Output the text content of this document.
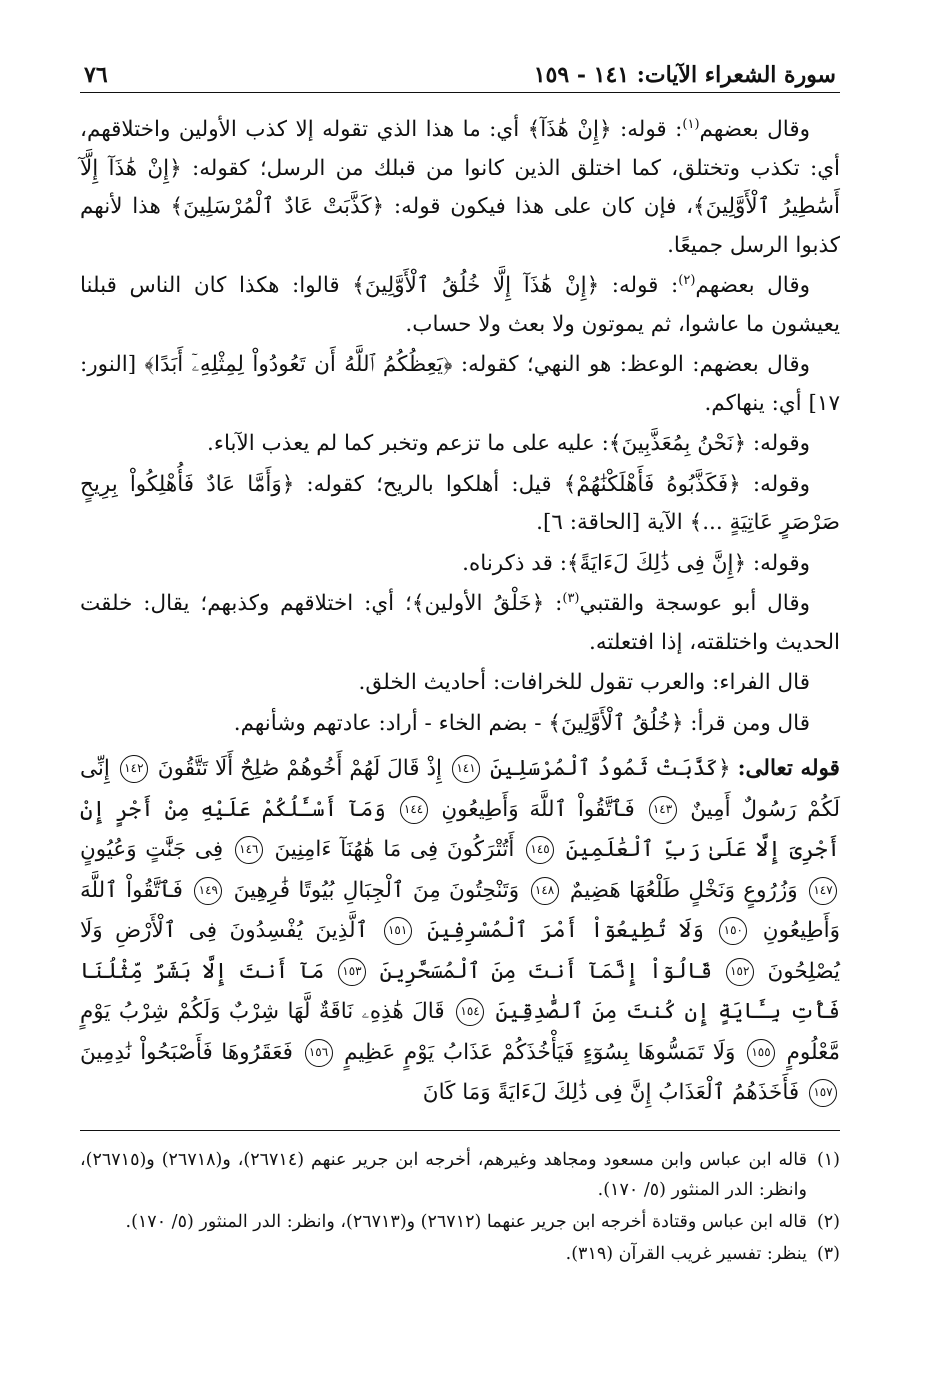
سورة الشعراء الآيات: ١٤١ - ١٥٩
٧٦

وقال بعضهم$^{(١)}$: قوله: ﴿إِنْ هَٰذَآ﴾ أي: ما هذا الذي تقوله إلا كذب الأولين واختلاقهم، أي: تكذب وتختلق، كما اختلق الذين كانوا من قبلك من الرسل؛ كقوله: ﴿إِنْ هَٰذَآ إِلَّآ أَسَٰطِيرُ ٱلْأَوَّلِينَ﴾، فإن كان على هذا فيكون قوله: ﴿كَذَّبَتْ عَادٌ ٱلْمُرْسَلِينَ﴾ هذا لأنهم كذبوا الرسل جميعًا.

وقال بعضهم$^{(٢)}$: قوله: ﴿إِنْ هَٰذَآ إِلَّا خُلُقُ ٱلْأَوَّلِينَ﴾ قالوا: هكذا كان الناس قبلنا يعيشون ما عاشوا، ثم يموتون ولا بعث ولا حساب.

وقال بعضهم: الوعظ: هو النهي؛ كقوله: ﴿يَعِظُكُمُ ٱللَّهُ أَن تَعُودُواْ لِمِثْلِهِۦٓ أَبَدًا﴾ [النور: ١٧] أي: ينهاكم.

وقوله: ﴿نَحْنُ بِمُعَذَّبِينَ﴾: عليه على ما تزعم وتخبر كما لم يعذب الآباء.

وقوله: ﴿فَكَذَّبُوهُ فَأَهْلَكْنَٰهُمْ﴾ قيل: أهلكوا بالريح؛ كقوله: ﴿وَأَمَّا عَادٌ فَأُهْلِكُواْ بِرِيحٍ صَرْصَرٍ عَاتِيَةٍ ...﴾ الآية [الحاقة: ٦].

وقوله: ﴿إِنَّ فِى ذَٰلِكَ لَءَايَةً﴾: قد ذكرناه.

وقال أبو عوسجة والقتبي$^{(٣)}$: ﴿خَلْقُ الأولين﴾؛ أي: اختلاقهم وكذبهم؛ يقال: خلقت الحديث واختلقته، إذا افتعلته.

قال الفراء: والعرب تقول للخرافات: أحاديث الخلق.

قال ومن قرأ: ﴿خُلُقُ ٱلْأَوَّلِينَ﴾ - بضم الخاء - أراد: عادتهم وشأنهم.

قوله تعالى: ﴿كَذَّبَتْ ثَمُودُ ٱلْمُرْسَلِينَ ١٤١ إِذْ قَالَ لَهُمْ أَخُوهُمْ صَٰلِحٌ أَلَا تَتَّقُونَ ١٤٢ إِنِّى لَكُمْ رَسُولٌ أَمِينٌ ١٤٣ فَٱتَّقُواْ ٱللَّهَ وَأَطِيعُونِ ١٤٤ وَمَآ أَسْـَٔلُكُمْ عَلَيْهِ مِنْ أَجْرٍ إِنْ أَجْرِىَ إِلَّا عَلَىٰ رَبِّ ٱلْعَٰلَمِينَ ١٤٥ أَتُتْرَكُونَ فِى مَا هَٰهُنَآ ءَامِنِينَ ١٤٦ فِى جَنَّٰتٍ وَعُيُونٍ ١٤٧ وَزُرُوعٍ وَنَخْلٍ طَلْعُهَا هَضِيمٌ ١٤٨ وَتَنْحِتُونَ مِنَ ٱلْجِبَالِ بُيُوتًا فَٰرِهِينَ ١٤٩ فَٱتَّقُواْ ٱللَّهَ وَأَطِيعُونِ ١٥٠ وَلَا تُطِيعُوٓاْ أَمْرَ ٱلْمُسْرِفِينَ ١٥١ ٱلَّذِينَ يُفْسِدُونَ فِى ٱلْأَرْضِ وَلَا يُصْلِحُونَ ١٥٢ قَالُوٓاْ إِنَّمَآ أَنتَ مِنَ ٱلْمُسَحَّرِينَ ١٥٣ مَآ أَنتَ إِلَّا بَشَرٌ مِّثْلُنَا فَأْتِ بِـَٔايَةٍ إِن كُنتَ مِنَ ٱلصَّٰدِقِينَ ١٥٤ قَالَ هَٰذِهِۦ نَاقَةٌ لَّهَا شِرْبٌ وَلَكُمْ شِرْبُ يَوْمٍ مَّعْلُومٍ ١٥٥ وَلَا تَمَسُّوهَا بِسُوٓءٍ فَيَأْخُذَكُمْ عَذَابُ يَوْمٍ عَظِيمٍ ١٥٦ فَعَقَرُوهَا فَأَصْبَحُواْ نَٰدِمِينَ ١٥٧ فَأَخَذَهُمُ ٱلْعَذَابُ إِنَّ فِى ذَٰلِكَ لَءَايَةً وَمَا كَانَ
(١)
قاله ابن عباس وابن مسعود ومجاهد وغيرهم، أخرجه ابن جرير عنهم (٢٦٧١٤)، و(٢٦٧١٨) و(٢٦٧١٥)، وانظر: الدر المنثور (٥/ ١٧٠).
(٢)
قاله ابن عباس وقتادة أخرجه ابن جرير عنهما (٢٦٧١٢) و(٢٦٧١٣)، وانظر: الدر المنثور (٥/ ١٧٠).
(٣)
ينظر: تفسير غريب القرآن (٣١٩).
